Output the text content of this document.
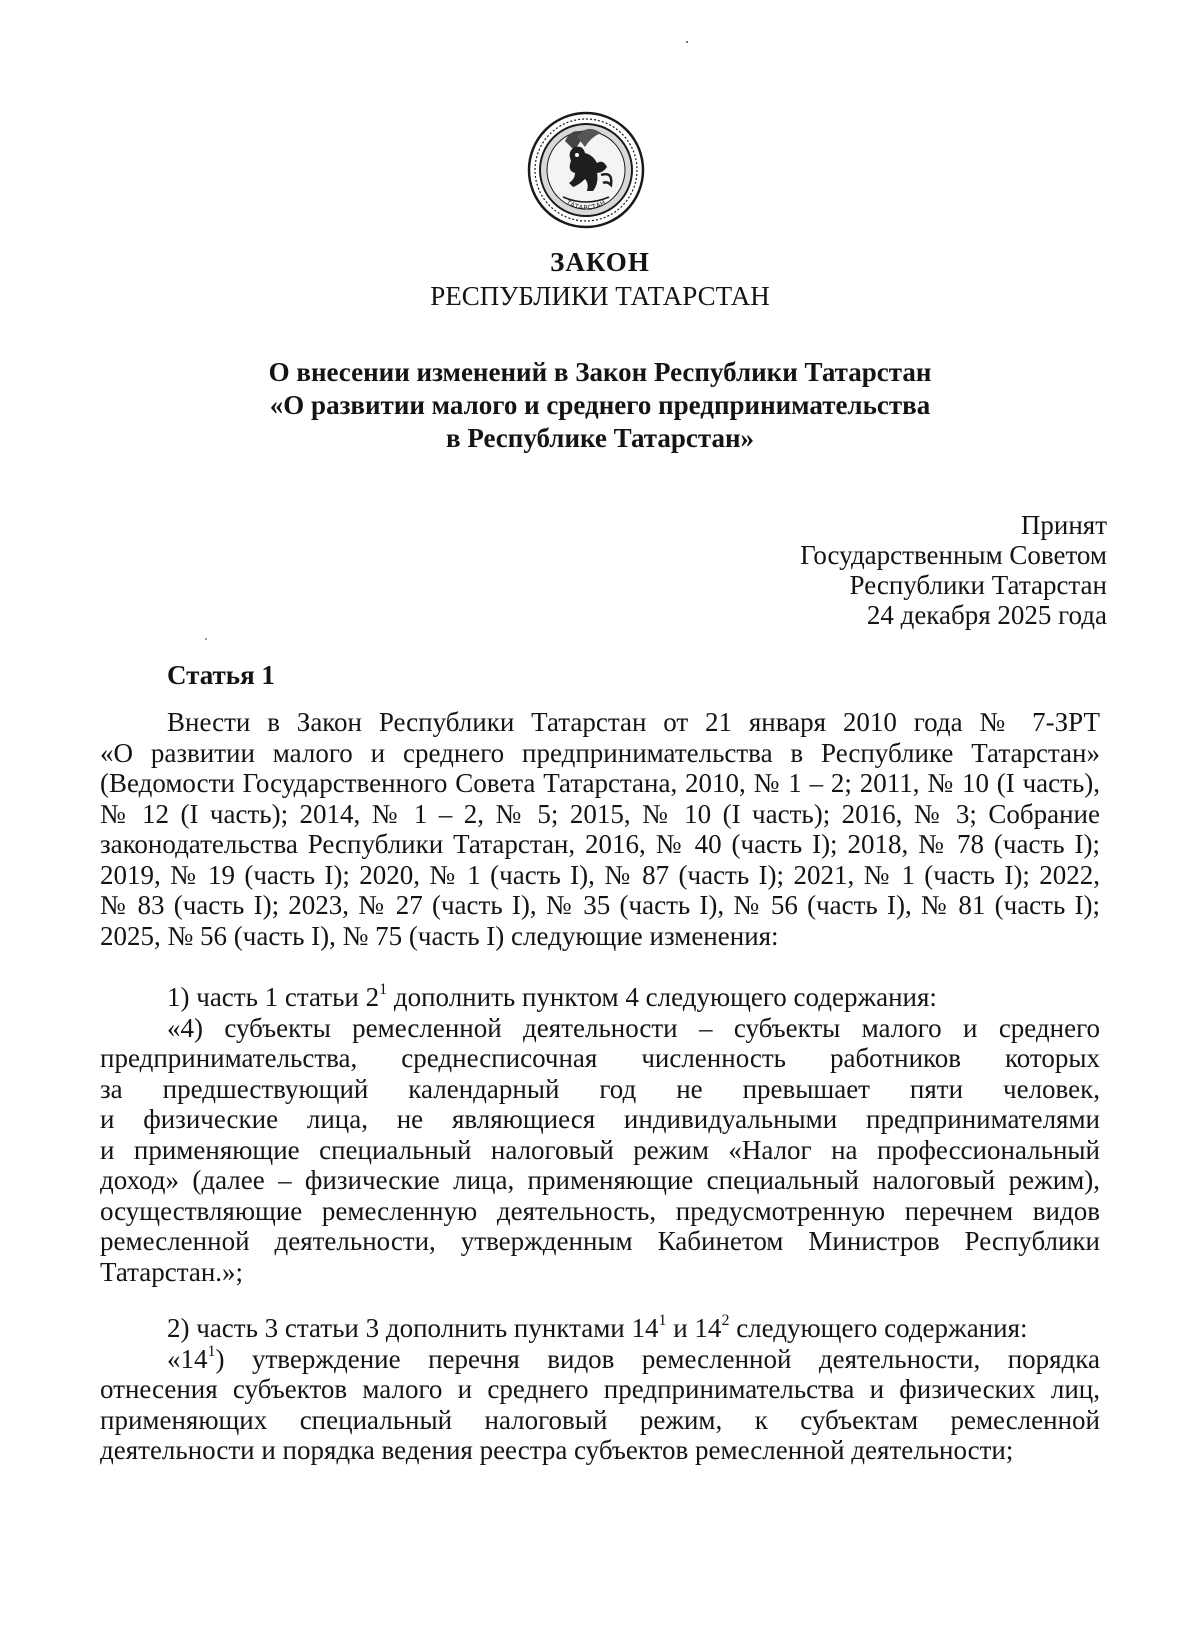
ТАТАРСТАН
ЗАКОН
РЕСПУБЛИКИ ТАТАРСТАН
О внесении изменений в Закон Республики Татарстан
«О развитии малого и среднего предпринимательства
в Республике Татарстан»
Принят
Государственным Советом
Республики Татарстан
24 декабря 2025 года
Статья 1
Внести в Закон Республики Татарстан от 21 января 2010 года № 7-ЗРТ
«О развитии малого и среднего предпринимательства в Республике Татарстан»
(Ведомости Государственного Совета Татарстана, 2010, № 1 – 2; 2011, № 10 (I часть),
№ 12 (I часть); 2014, № 1 – 2, № 5; 2015, № 10 (I часть); 2016, № 3; Собрание
законодательства Республики Татарстан, 2016, № 40 (часть I); 2018, № 78 (часть I);
2019, № 19 (часть I); 2020, № 1 (часть I), № 87 (часть I); 2021, № 1 (часть I); 2022,
№ 83 (часть I); 2023, № 27 (часть I), № 35 (часть I), № 56 (часть I), № 81 (часть I);
2025, № 56 (часть I), № 75 (часть I) следующие изменения:
1) часть 1 статьи $2^1$ дополнить пунктом 4 следующего содержания:
«4) субъекты ремесленной деятельности – субъекты малого и среднего
предпринимательства, среднесписочная численность работников которых
за предшествующий календарный год не превышает пяти человек,
и физические лица, не являющиеся индивидуальными предпринимателями
и применяющие специальный налоговый режим «Налог на профессиональный
доход» (далее – физические лица, применяющие специальный налоговый режим),
осуществляющие ремесленную деятельность, предусмотренную перечнем видов
ремесленной деятельности, утвержденным Кабинетом Министров Республики
Татарстан.»;
2) часть 3 статьи 3 дополнить пунктами $14^1$ и $14^2$ следующего содержания:
«$14^1$) утверждение перечня видов ремесленной деятельности, порядка
отнесения субъектов малого и среднего предпринимательства и физических лиц,
применяющих специальный налоговый режим, к субъектам ремесленной
деятельности и порядка ведения реестра субъектов ремесленной деятельности;
